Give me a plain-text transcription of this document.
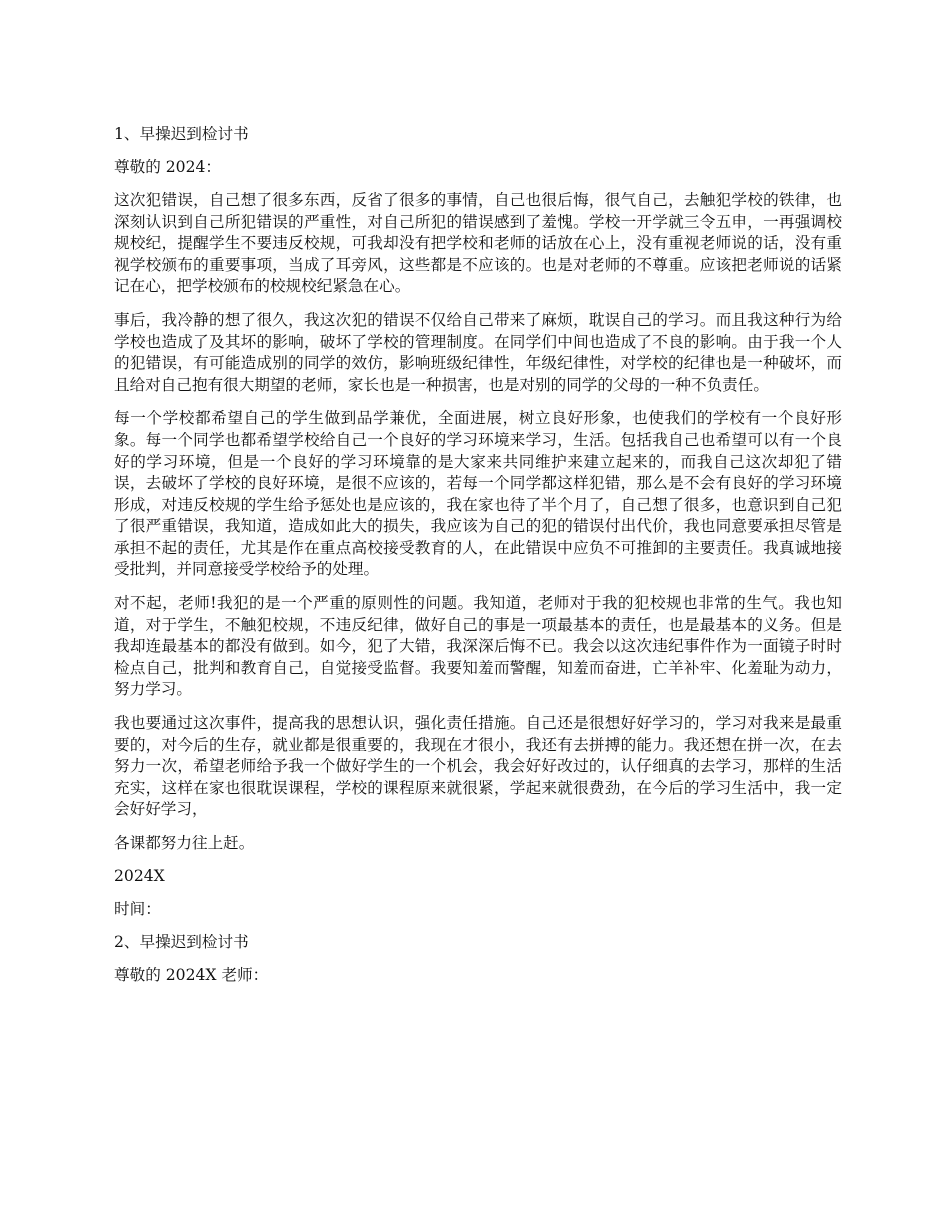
1、早操迟到检讨书
尊敬的 2024：

这次犯错误，自己想了很多东西，反省了很多的事情，自己也很后悔，很气自己，去触犯学校的铁律，也深刻认识到自己所犯错误的严重性，对自己所犯的错误感到了羞愧。学校一开学就三令五申，一再强调校规校纪，提醒学生不要违反校规，可我却没有把学校和老师的话放在心上，没有重视老师说的话，没有重视学校颁布的重要事项，当成了耳旁风，这些都是不应该的。也是对老师的不尊重。应该把老师说的话紧记在心，把学校颁布的校规校纪紧急在心。

事后，我冷静的想了很久，我这次犯的错误不仅给自己带来了麻烦，耽误自己的学习。而且我这种行为给学校也造成了及其坏的影响，破坏了学校的管理制度。在同学们中间也造成了不良的影响。由于我一个人的犯错误，有可能造成别的同学的效仿，影响班级纪律性，年级纪律性，对学校的纪律也是一种破坏，而且给对自己抱有很大期望的老师，家长也是一种损害，也是对别的同学的父母的一种不负责任。

每一个学校都希望自己的学生做到品学兼优，全面进展，树立良好形象，也使我们的学校有一个良好形象。每一个同学也都希望学校给自己一个良好的学习环境来学习，生活。包括我自己也希望可以有一个良好的学习环境，但是一个良好的学习环境靠的是大家来共同维护来建立起来的，而我自己这次却犯了错误，去破坏了学校的良好环境，是很不应该的，若每一个同学都这样犯错，那么是不会有良好的学习环境形成，对违反校规的学生给予惩处也是应该的，我在家也待了半个月了，自己想了很多，也意识到自己犯了很严重错误，我知道，造成如此大的损失，我应该为自己的犯的错误付出代价，我也同意要承担尽管是承担不起的责任，尤其是作在重点高校接受教育的人，在此错误中应负不可推卸的主要责任。我真诚地接受批判，并同意接受学校给予的处理。

对不起，老师!我犯的是一个严重的原则性的问题。我知道，老师对于我的犯校规也非常的生气。我也知道，对于学生，不触犯校规，不违反纪律，做好自己的事是一项最基本的责任，也是最基本的义务。但是我却连最基本的都没有做到。如今，犯了大错，我深深后悔不已。我会以这次违纪事件作为一面镜子时时检点自己，批判和教育自己，自觉接受监督。我要知羞而警醒，知羞而奋进，亡羊补牢、化羞耻为动力，努力学习。

我也要通过这次事件，提高我的思想认识，强化责任措施。自己还是很想好好学习的，学习对我来是最重要的，对今后的生存，就业都是很重要的，我现在才很小，我还有去拼搏的能力。我还想在拼一次，在去努力一次，希望老师给予我一个做好学生的一个机会，我会好好改过的，认仔细真的去学习，那样的生活充实，这样在家也很耽误课程，学校的课程原来就很紧，学起来就很费劲，在今后的学习生活中，我一定会好好学习，

各课都努力往上赶。
2024X
时间：
2、早操迟到检讨书
尊敬的 2024X 老师：
